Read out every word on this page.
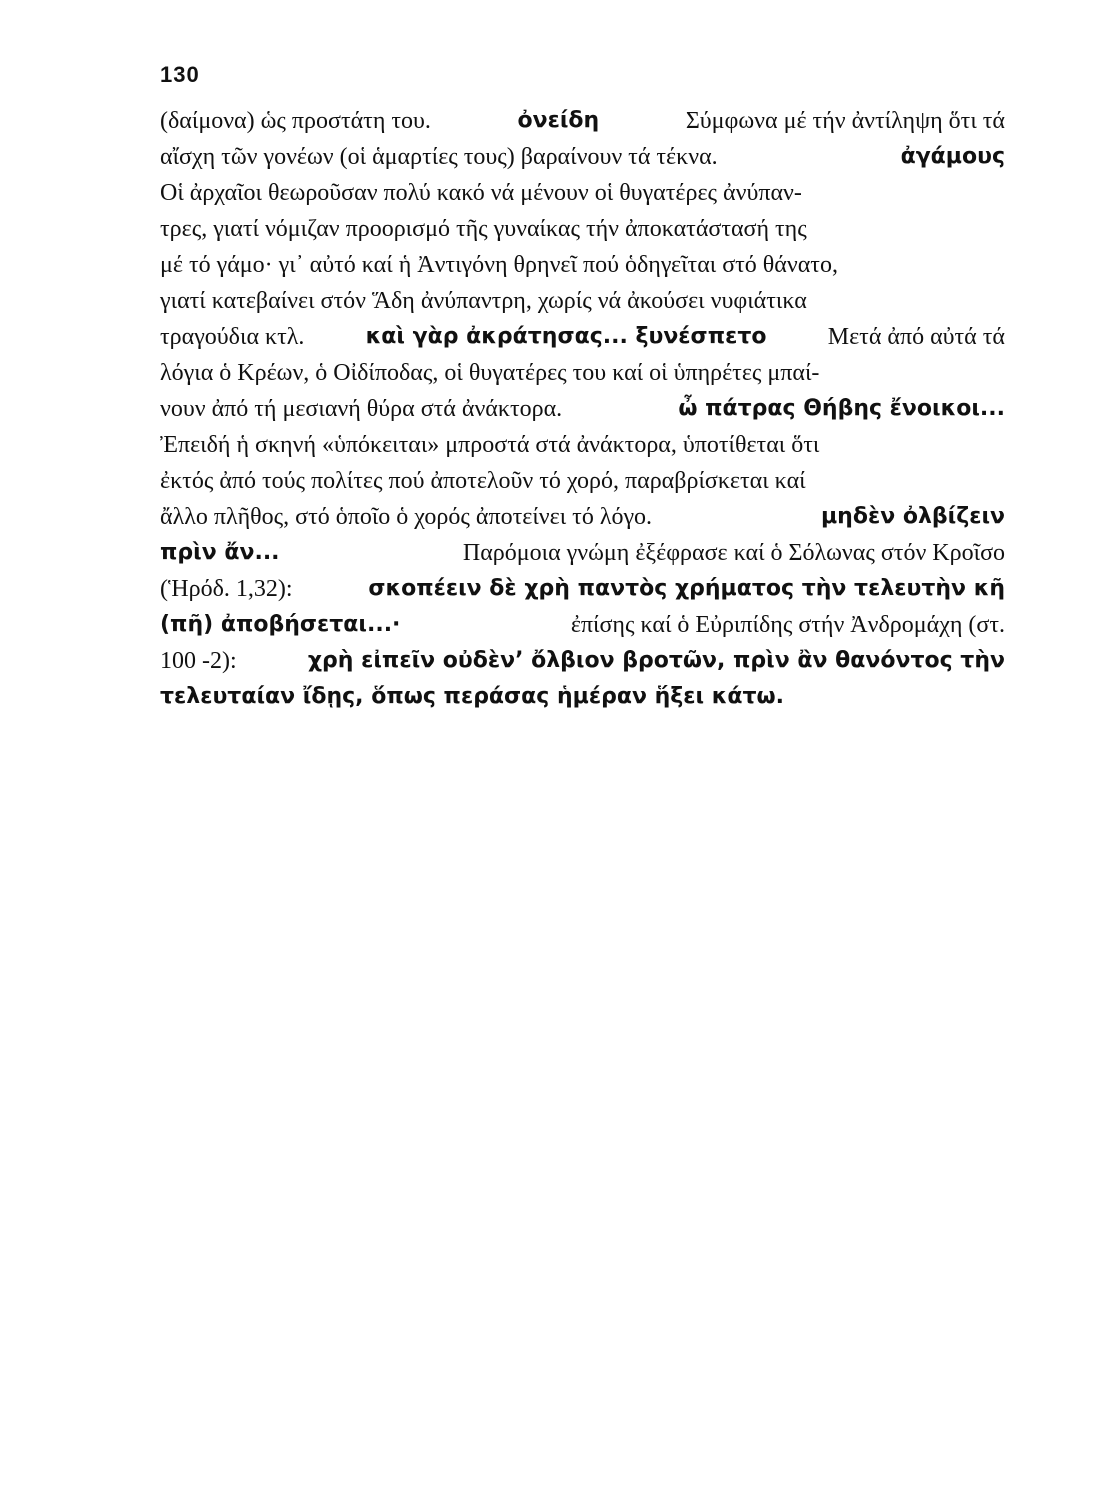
130
(δαίμονα) ὡς προστάτη του.	ὀνείδη	Σύμφωνα μέ τήν ἀντίληψη ὅτι τά
αἴσχη τῶν γονέων (οἱ ἁμαρτίες τους) βαραίνουν τά τέκνα.	ἀγάμους
Οἱ ἀρχαῖοι θεωροῦσαν πολύ κακό νά μένουν οἱ θυγατέρες ἀνύπαν-
τρες, γιατί νόμιζαν προορισμό τῆς γυναίκας τήν ἀποκατάστασή της
μέ τό γάμο· γι᾿ αὐτό καί ἡ Ἀντιγόνη θρηνεῖ πού ὁδηγεῖται στό θάνατο,
γιατί κατεβαίνει στόν Ἅδη ἀνύπαντρη, χωρίς νά ἀκούσει νυφιάτικα
τραγούδια κτλ.	καὶ γὰρ ἀκράτησας... ξυνέσπετο	Μετά ἀπό αὐτά τά
λόγια ὁ Κρέων, ὁ Οἰδίποδας, οἱ θυγατέρες του καί οἱ ὑπηρέτες μπαί-
νουν ἀπό τή μεσιανή θύρα στά ἀνάκτορα.	ὦ πάτρας Θήβης ἔνοικοι...
Ἐπειδή ἡ σκηνή «ὑπόκειται» μπροστά στά ἀνάκτορα, ὑποτίθεται ὅτι
ἐκτός ἀπό τούς πολίτες πού ἀποτελοῦν τό χορό, παραβρίσκεται καί
ἄλλο πλῆθος, στό ὁποῖο ὁ χορός ἀποτείνει τό λόγο.	μηδὲν ὀλβίζειν
πρὶν ἄν...	Παρόμοια γνώμη ἐξέφρασε καί ὁ Σόλωνας στόν Κροῖσο
(Ἡρόδ. 1,32):	σκοπέειν δὲ χρὴ παντὸς χρήματος τὴν τελευτὴν κῆ
(πῆ) ἀποβήσεται...·	ἐπίσης καί ὁ Εὐριπίδης στήν Ἀνδρομάχη (στ.
100 -2):	χρὴ εἰπεῖν οὐδὲν’ ὄλβιον βροτῶν, πρὶν ἂν θανόντος τὴν
τελευταίαν ἴδῃς, ὅπως περάσας ἡμέραν ἥξει κάτω.
